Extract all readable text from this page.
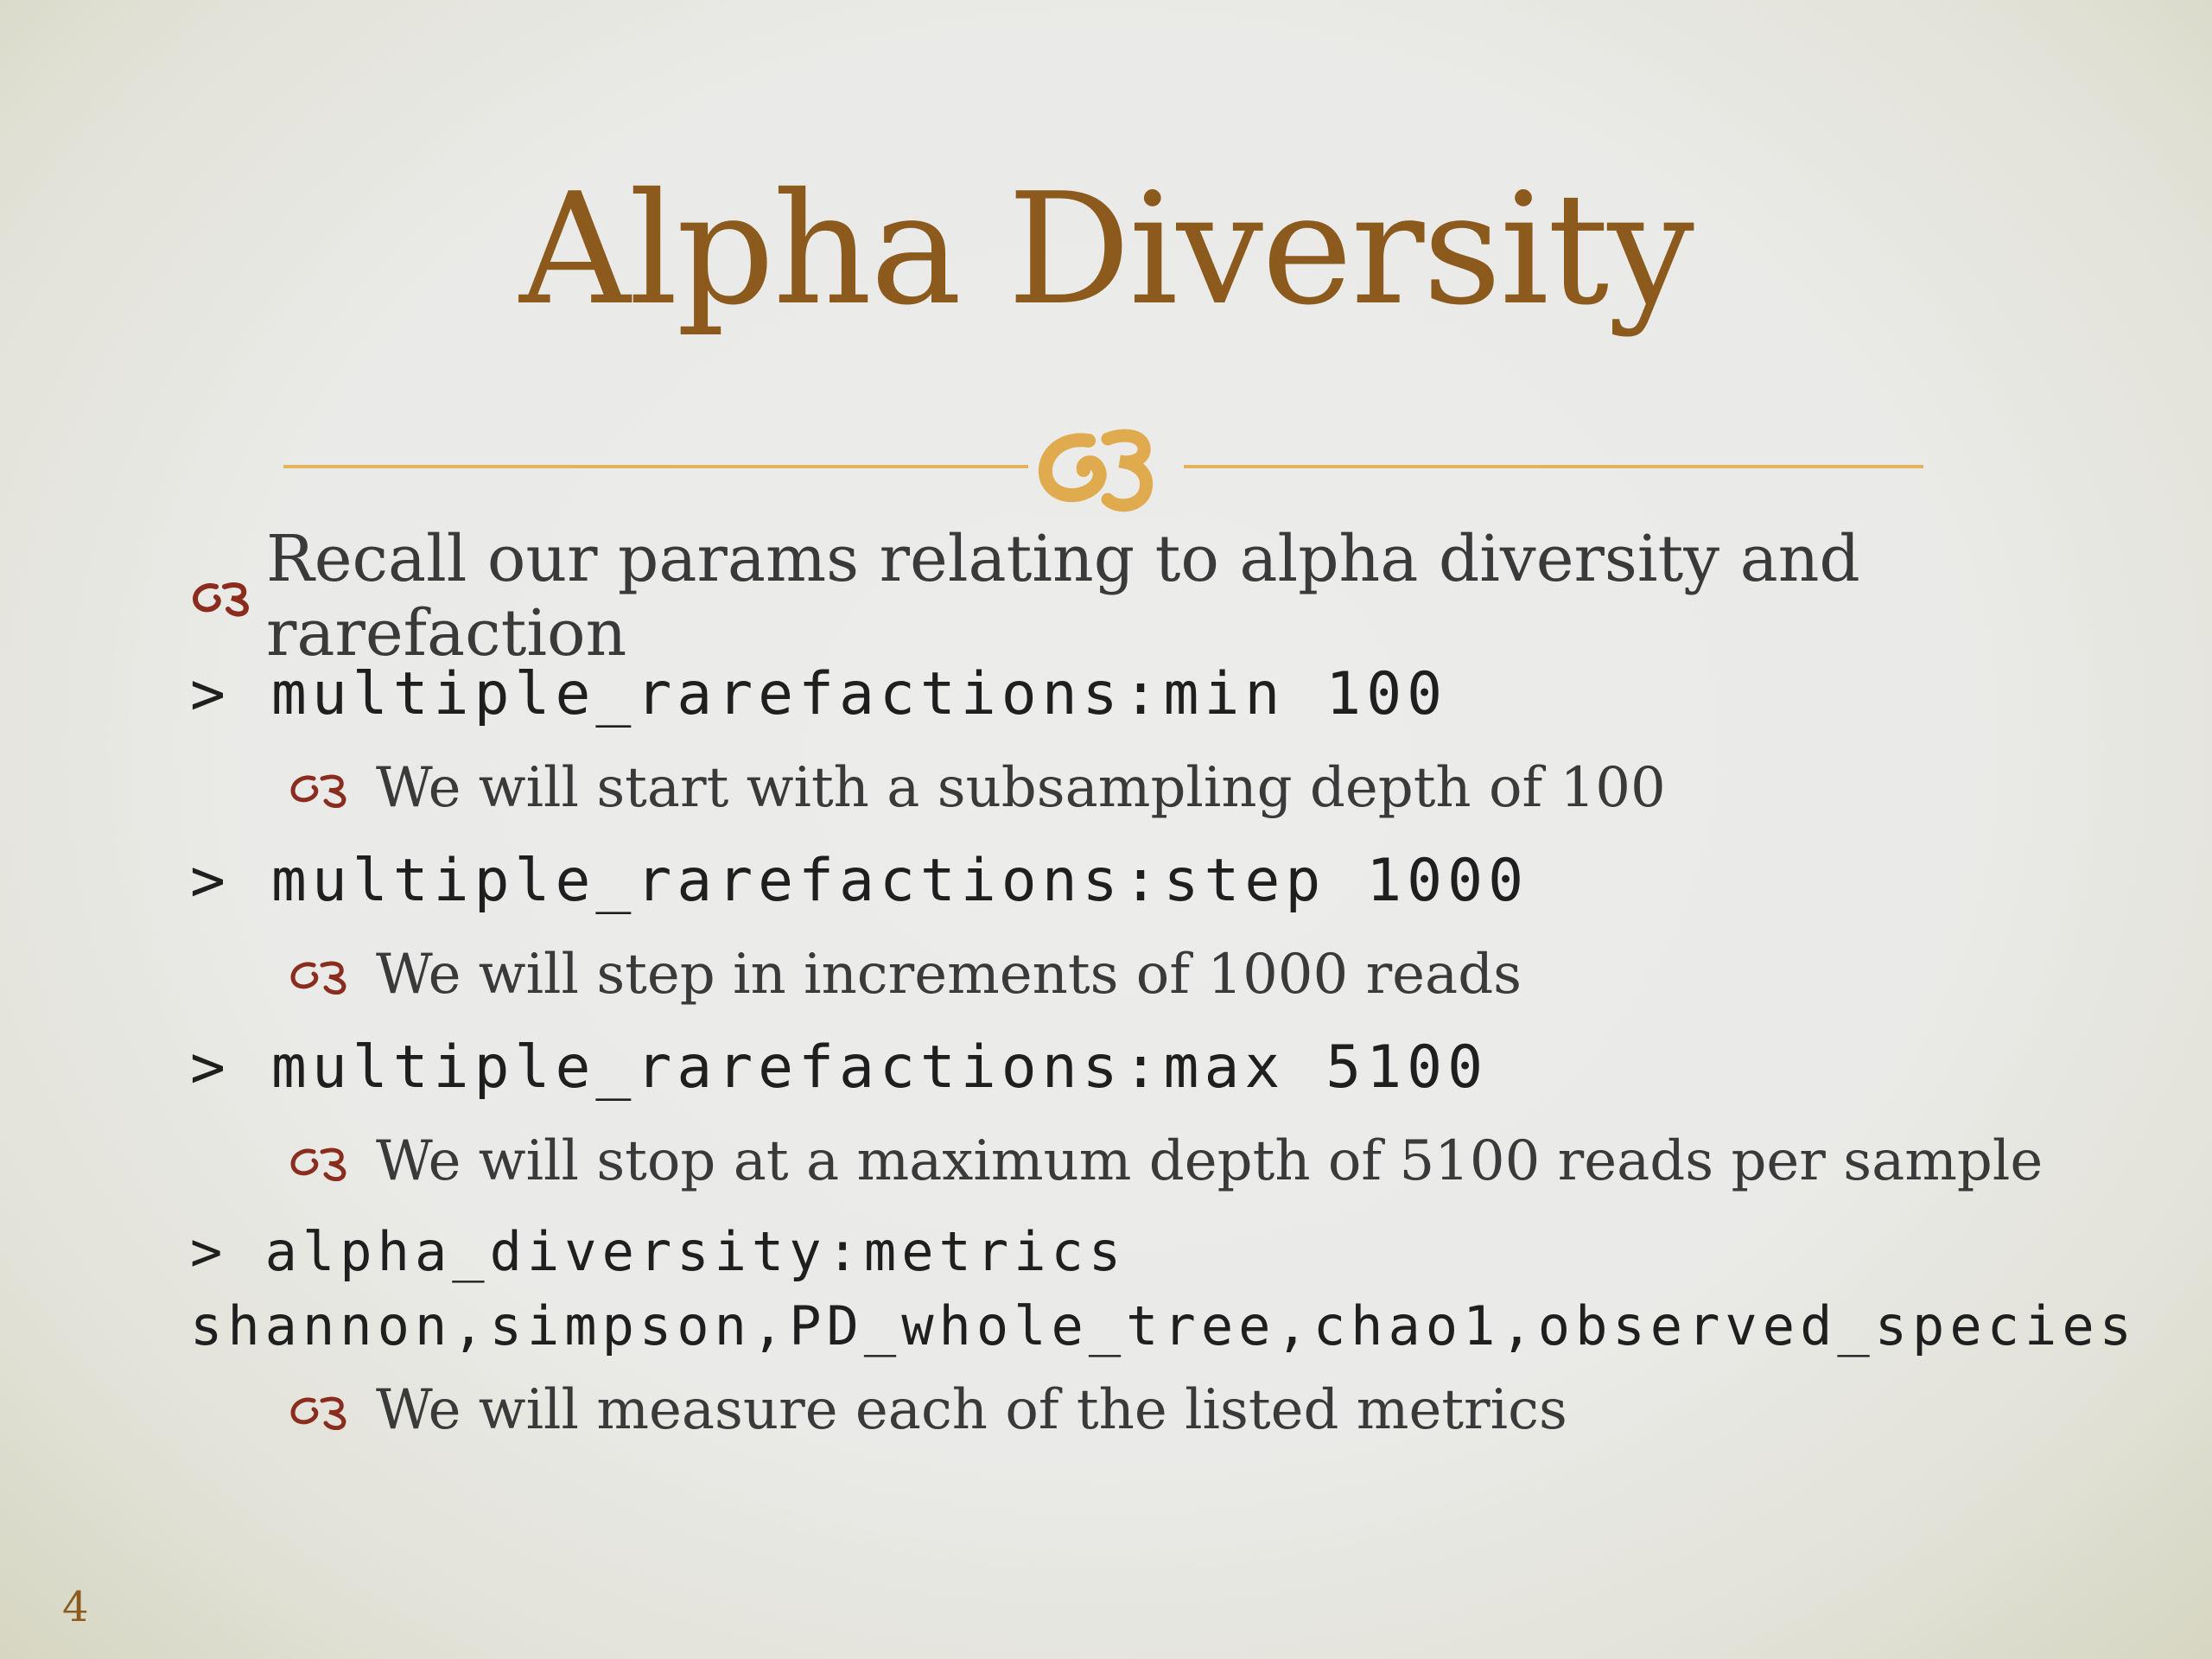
Alpha Diversity
Recall our params relating to alpha diversity and rarefaction
> multiple_rarefactions:min 100
We will start with a subsampling depth of 100
> multiple_rarefactions:step 1000
We will step in increments of 1000 reads
> multiple_rarefactions:max 5100
We will stop at a maximum depth of 5100 reads per sample
> alpha_diversity:metrics
shannon,simpson,PD_whole_tree,chao1,observed_species
We will measure each of the listed metrics
4
